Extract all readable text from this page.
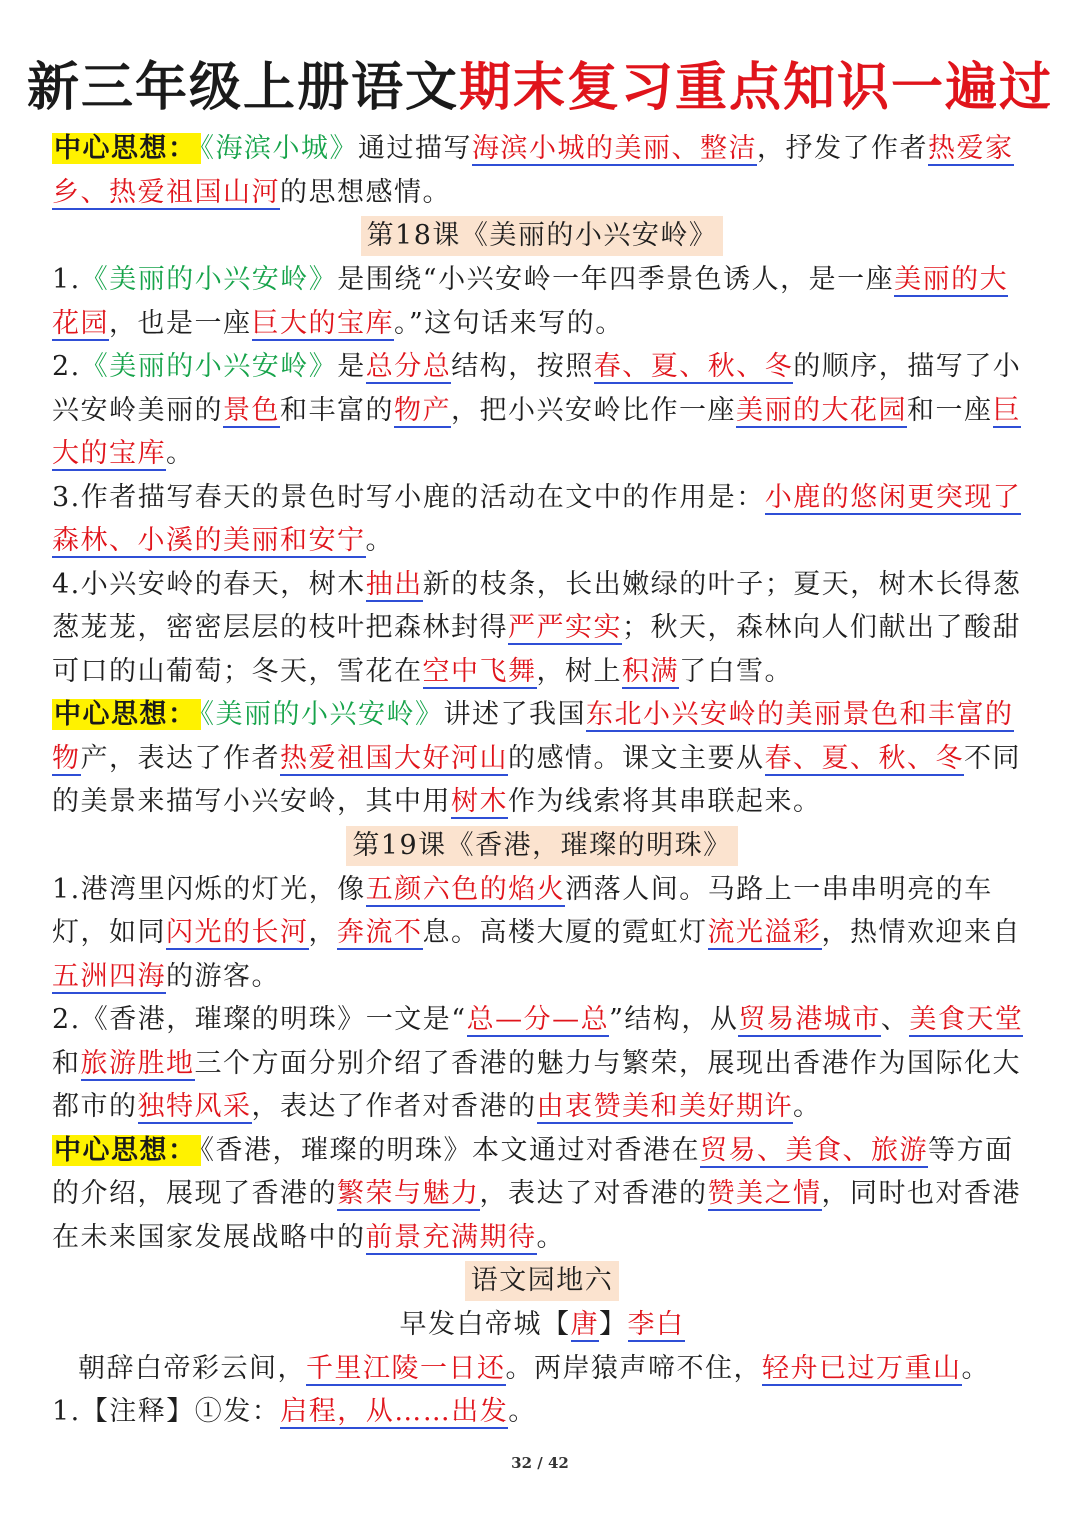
新三年级上册语文期末复习重点知识一遍过

中心思想： 《海滨小城》通过描写海滨小城的美丽、整洁，抒发了作者热爱家乡、热爱祖国山河的思想感情。

第18课《美丽的小兴安岭》

1.《美丽的小兴安岭》是围绕“小兴安岭一年四季景色诱人，是一座美丽的大花园，也是一座巨大的宝库。”这句话来写的。

2.《美丽的小兴安岭》是总分总结构，按照春、夏、秋、冬的顺序，描写了小兴安岭美丽的景色和丰富的物产，把小兴安岭比作一座美丽的大花园和一座巨大的宝库。

3.作者描写春天的景色时写小鹿的活动在文中的作用是：小鹿的悠闲更突现了森林、小溪的美丽和安宁。

4.小兴安岭的春天，树木抽出新的枝条，长出嫩绿的叶子；夏天，树木长得葱葱茏茏，密密层层的枝叶把森林封得严严实实；秋天，森林向人们献出了酸甜可口的山葡萄；冬天，雪花在空中飞舞，树上积满了白雪。

中心思想： 《美丽的小兴安岭》讲述了我国东北小兴安岭的美丽景色和丰富的物产，表达了作者热爱祖国大好河山的感情。课文主要从春、夏、秋、冬不同的美景来描写小兴安岭，其中用树木作为线索将其串联起来。

第19课《香港，璀璨的明珠》

1.港湾里闪烁的灯光，像五颜六色的焰火洒落人间。马路上一串串明亮的车灯，如同闪光的长河，奔流不息。高楼大厦的霓虹灯流光溢彩，热情欢迎来自五洲四海的游客。

2.《香港，璀璨的明珠》一文是“总—分—总”结构，从贸易港城市、美食天堂和旅游胜地三个方面分别介绍了香港的魅力与繁荣，展现出香港作为国际化大都市的独特风采，表达了作者对香港的由衷赞美和美好期许。

中心思想： 《香港，璀璨的明珠》本文通过对香港在贸易、美食、旅游等方面的介绍，展现了香港的繁荣与魅力，表达了对香港的赞美之情，同时也对香港在未来国家发展战略中的前景充满期待。

语文园地六

早发白帝城【唐】李白

朝辞白帝彩云间，千里江陵一日还。两岸猿声啼不住，轻舟已过万重山。

1.【注释】①发：启程，从……出发。

32 / 42
